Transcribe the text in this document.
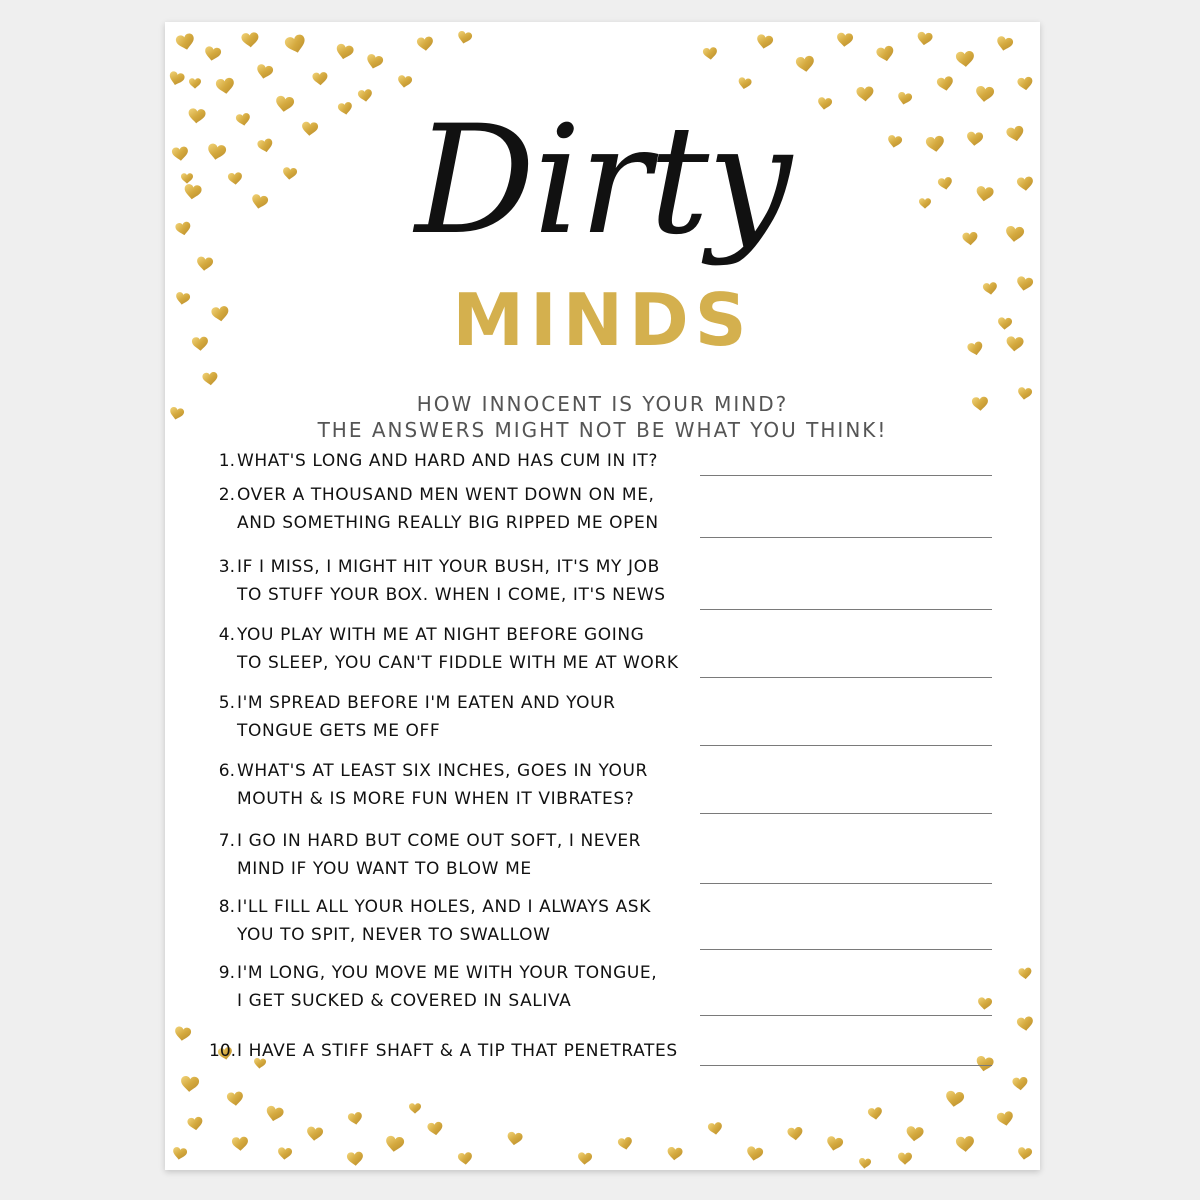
Dirty
MINDS
HOW INNOCENT IS YOUR MIND?
THE ANSWERS MIGHT NOT BE WHAT YOU THINK!
1. WHAT'S LONG AND HARD AND HAS CUM IN IT?
2. OVER A THOUSAND MEN WENT DOWN ON ME,
AND SOMETHING REALLY BIG RIPPED ME OPEN
3. IF I MISS, I MIGHT HIT YOUR BUSH, IT'S MY JOB
TO STUFF YOUR BOX. WHEN I COME, IT'S NEWS
4. YOU PLAY WITH ME AT NIGHT BEFORE GOING
TO SLEEP, YOU CAN'T FIDDLE WITH ME AT WORK
5. I'M SPREAD BEFORE I'M EATEN AND YOUR
TONGUE GETS ME OFF
6. WHAT'S AT LEAST SIX INCHES, GOES IN YOUR
MOUTH & IS MORE FUN WHEN IT VIBRATES?
7. I GO IN HARD BUT COME OUT SOFT, I NEVER
MIND IF YOU WANT TO BLOW ME
8. I'LL FILL ALL YOUR HOLES, AND I ALWAYS ASK
YOU TO SPIT, NEVER TO SWALLOW
9. I'M LONG, YOU MOVE ME WITH YOUR TONGUE,
I GET SUCKED & COVERED IN SALIVA
10. I HAVE A STIFF SHAFT & A TIP THAT PENETRATES
